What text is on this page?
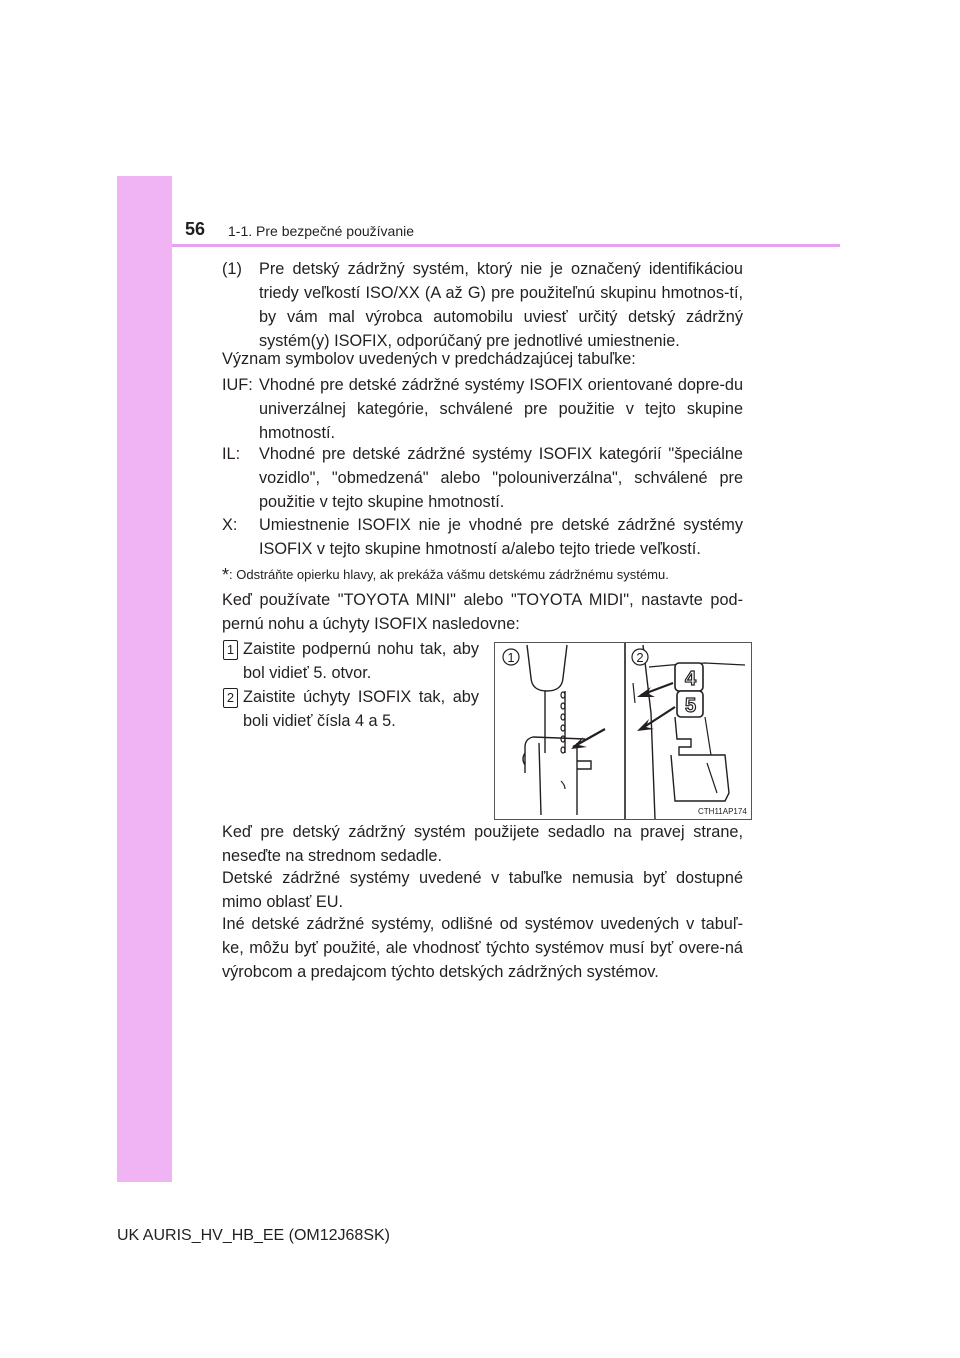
56 1-1. Pre bezpečné používanie
(1) Pre detský zádržný systém, ktorý nie je označený identifikáciou triedy veľkostí ISO/XX (A až G) pre použiteľnú skupinu hmotnos-tí, by vám mal výrobca automobilu uviesť určitý detský zádržný systém(y) ISOFIX, odporúčaný pre jednotlivé umiestnenie.

Význam symbolov uvedených v predchádzajúcej tabuľke:

IUF: Vhodné pre detské zádržné systémy ISOFIX orientované dopre-du univerzálnej kategórie, schválené pre použitie v tejto skupine hmotností.

IL: Vhodné pre detské zádržné systémy ISOFIX kategórií "špeciálne vozidlo", "obmedzená" alebo "polouniverzálna", schválené pre použitie v tejto skupine hmotností.

X: Umiestnenie ISOFIX nie je vhodné pre detské zádržné systémy ISOFIX v tejto skupine hmotností a/alebo tejto triede veľkostí.

*: Odstráňte opierku hlavy, ak prekáža vášmu detskému zádržnému systému.

Keď používate "TOYOTA MINI" alebo "TOYOTA MIDI", nastavte pod-pernú nohu a úchyty ISOFIX nasledovne:

1 Zaistite podpernú nohu tak, aby bol vidieť 5. otvor.

2 Zaistite úchyty ISOFIX tak, aby boli vidieť čísla 4 a 5.

4
5
1	2
CTH11AP174

Keď pre detský zádržný systém použijete sedadlo na pravej strane, neseďte na strednom sedadle.

Detské zádržné systémy uvedené v tabuľke nemusia byť dostupné mimo oblasť EU.

Iné detské zádržné systémy, odlišné od systémov uvedených v tabuľ-ke, môžu byť použité, ale vhodnosť týchto systémov musí byť overe-ná výrobcom a predajcom týchto detských zádržných systémov.

UK AURIS_HV_HB_EE (OM12J68SK)
